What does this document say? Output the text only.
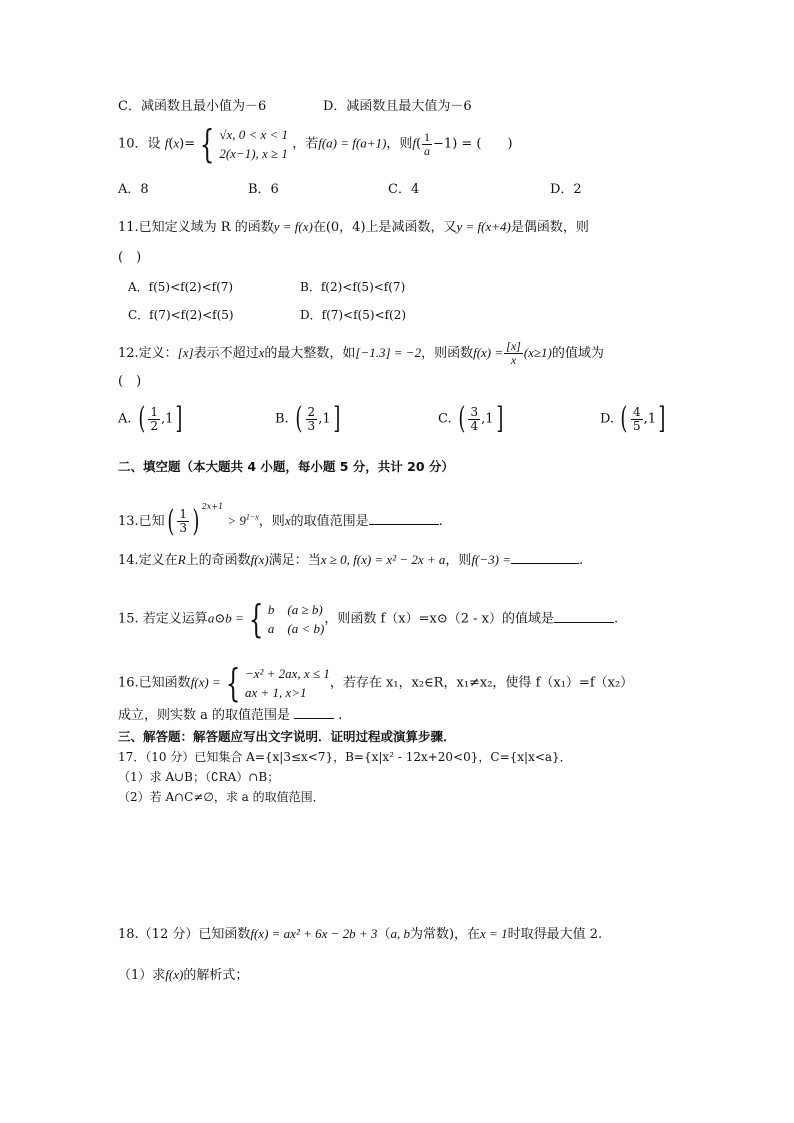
C．减函数且最小值为－6	D．减函数且最大值为－6
10．设 f(x)= { √x, 0 < x < 1
2(x−1), x ≥ 1
，若f(a) = f(a+1)，则$f( \frac{1}{a} -1)$ = (　　)
A．8	B．6	C．4	D．2
11.已知定义域为 R 的函数y = f(x)在(0，4)上是减函数，又y = f(x+4)是偶函数，则
(　)
A．f(5)<f(2)<f(7)	B．f(2)<f(5)<f(7)
C．f(7)<f(2)<f(5)	D．f(7)<f(5)<f(2)
12.定义：[x]表示不超过x的最大整数，如[−1.3] = −2，则函数$f(x) = \frac{[x]}{x} (x\ge 1)$的值域为
(　)
A. ( $\frac{1}{2} ,1$]	B. ( $\frac{2}{3} ,1$]	C. ( $\frac{3}{4} ,1$]	D. ( $\frac{4}{5} ,1$]
二、填空题（本大题共 4 小题，每小题 5 分，共计 20 分）
13.已知( $\frac{1}{3}$ ) $^{2x+1} > 9^{1-x}$，则x的取值范围是	.
14.定义在R上的奇函数f(x)满足：当x ≥ 0, f(x) = x² − 2x + a，则f(−3) =	.
15. 若定义运算a⊙b = { b　(a ≥ b)
a　(a < b)
，则函数 f（x）=x⊙（2 - x）的值域是	.
16.已知函数f(x) = { −x² + 2ax, x ≤ 1
ax + 1, x>1
，若存在 x₁，x₂∈R，x₁≠x₂，使得 f（x₁）=f（x₂）
成立，则实数 a 的取值范围是	.
三、解答题：解答题应写出文字说明．证明过程或演算步骤．
17．（10 分）已知集合 A={x|3≤x<7}，B={x|x² - 12x+20<0}，C={x|x<a}．
（1）求 A∪B；（∁RA）∩B；
（2）若 A∩C≠∅，求 a 的取值范围．
18.（12 分）已知函数f(x) = ax² + 6x − 2b + 3（a, b为常数)，在x = 1时取得最大值 2.
（1）求f(x)的解析式；
